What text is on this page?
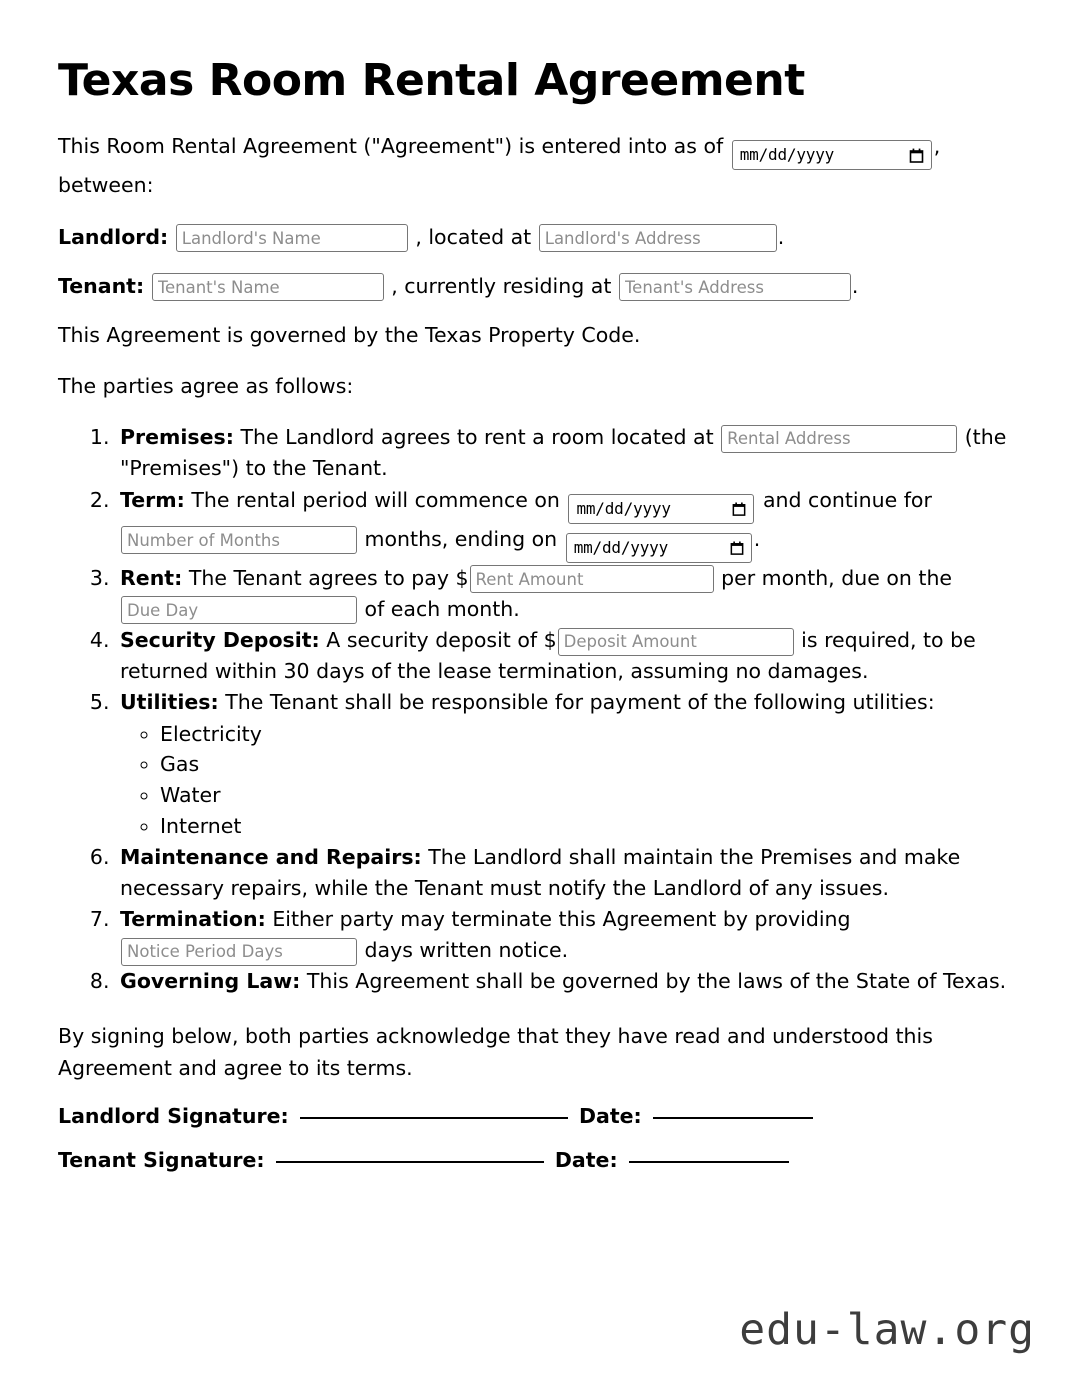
Texas Room Rental Agreement

This Room Rental Agreement ("Agreement") is entered into as of mm/dd/yyyy	, between:

Landlord: Landlord's Name	, located at Landlord's Address	.

Tenant: Tenant's Name	, currently residing at Tenant's Address	.

This Agreement is governed by the Texas Property Code.

The parties agree as follows:

1. Premises: The Landlord agrees to rent a room located at Rental Address	(the "Premises") to the Tenant.
2. Term: The rental period will commence on mm/dd/yyyy	and continue for Number of Months months, ending on mm/dd/yyyy	.
3. Rent: The Tenant agrees to pay $Rent Amount	per month, due on the Due Day of each month.
4. Security Deposit: A security deposit of $Deposit Amount	is required, to be returned within 30 days of the lease termination, assuming no damages.
5. Utilities: The Tenant shall be responsible for payment of the following utilities:
◦ Electricity
◦ Gas
◦ Water
◦ Internet
6. Maintenance and Repairs: The Landlord shall maintain the Premises and make necessary repairs, while the Tenant must notify the Landlord of any issues.
7. Termination: Either party may terminate this Agreement by providing Notice Period Days days written notice.
8. Governing Law: This Agreement shall be governed by the laws of the State of Texas.

By signing below, both parties acknowledge that they have read and understood this Agreement and agree to its terms.

Landlord Signature:	Date:
Tenant Signature:	Date:
edu-law.org
